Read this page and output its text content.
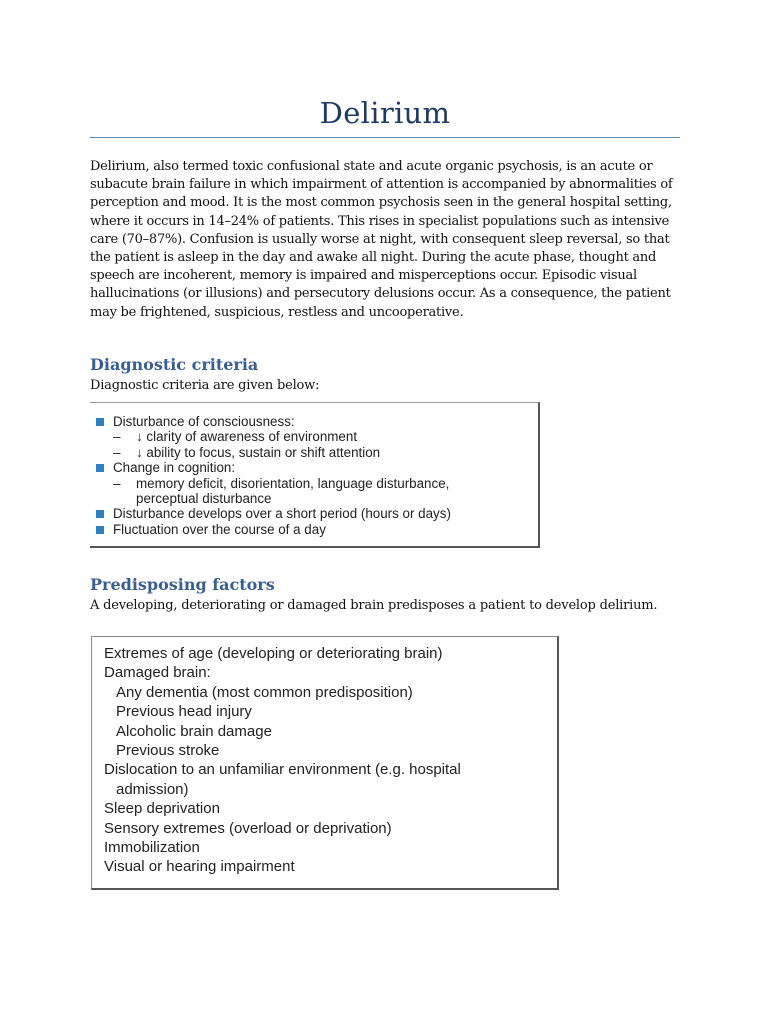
Delirium
Delirium, also termed toxic confusional state and acute organic psychosis, is an acute or subacute brain failure in which impairment of attention is accompanied by abnormalities of perception and mood. It is the most common psychosis seen in the general hospital setting, where it occurs in 14–24% of patients. This rises in specialist populations such as intensive care (70–87%). Confusion is usually worse at night, with consequent sleep reversal, so that the patient is asleep in the day and awake all night. During the acute phase, thought and speech are incoherent, memory is impaired and misperceptions occur. Episodic visual hallucinations (or illusions) and persecutory delusions occur. As a consequence, the patient may be frightened, suspicious, restless and uncooperative.
Diagnostic criteria
Diagnostic criteria are given below:
Disturbance of consciousness:
– ↓ clarity of awareness of environment
– ↓ ability to focus, sustain or shift attention
Change in cognition:
– memory deficit, disorientation, language disturbance,
perceptual disturbance
Disturbance develops over a short period (hours or days)
Fluctuation over the course of a day
Predisposing factors
A developing, deteriorating or damaged brain predisposes a patient to develop delirium.
Extremes of age (developing or deteriorating brain)
Damaged brain:
Any dementia (most common predisposition)
Previous head injury
Alcoholic brain damage
Previous stroke
Dislocation to an unfamiliar environment (e.g. hospital
admission)
Sleep deprivation
Sensory extremes (overload or deprivation)
Immobilization
Visual or hearing impairment
